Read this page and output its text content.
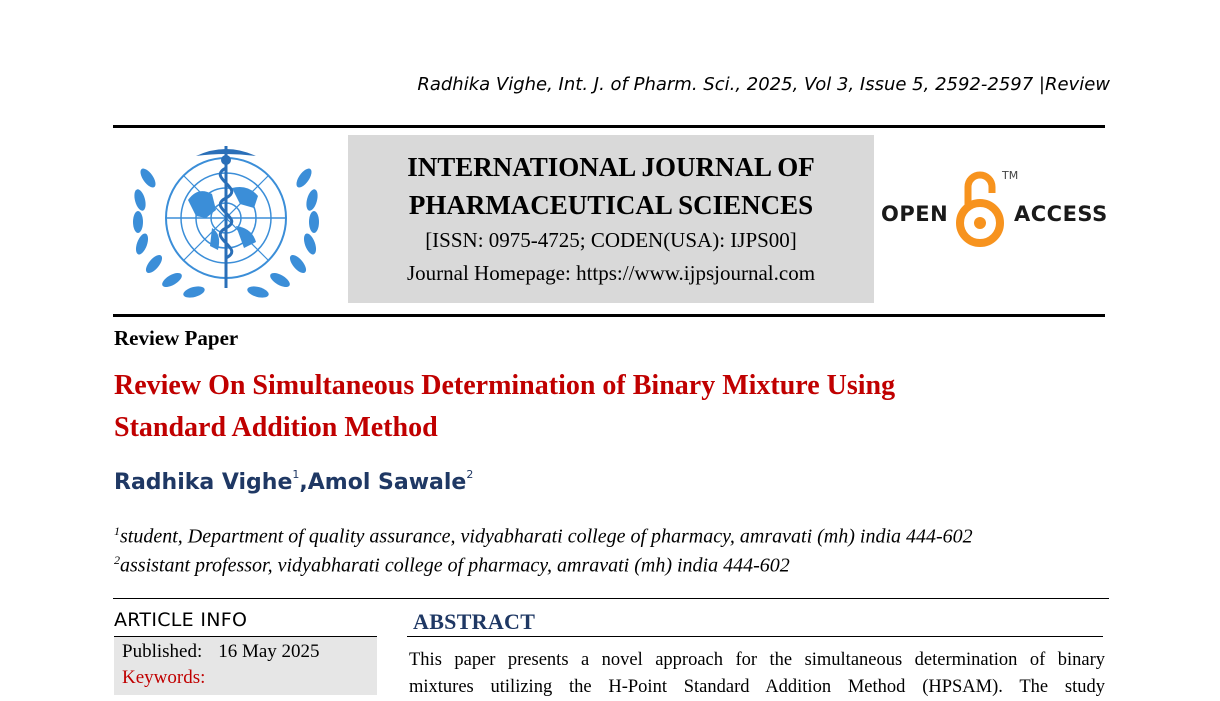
Radhika Vighe, Int. J. of Pharm. Sci., 2025, Vol 3, Issue 5, 2592-2597 |Review
INTERNATIONAL JOURNAL OF
PHARMACEUTICAL SCIENCES
[ISSN: 0975-4725; CODEN(USA): IJPS00]
Journal Homepage: https://www.ijpsjournal.com
OPEN
TM
ACCESS
Review Paper
Review On Simultaneous Determination of Binary Mixture Using
Standard Addition Method
Radhika Vighe$^1$,Amol Sawale$^2$
$^1$student, Department of quality assurance, vidyabharati college of pharmacy, amravati (mh) india 444-602
$^2$assistant professor, vidyabharati college of pharmacy, amravati (mh) india 444-602
ARTICLE INFO
Published: 16 May 2025
Keywords:
ABSTRACT
This paper presents a novel approach for the simultaneous determination of binary
mixtures utilizing the H-Point Standard Addition Method (HPSAM). The study
